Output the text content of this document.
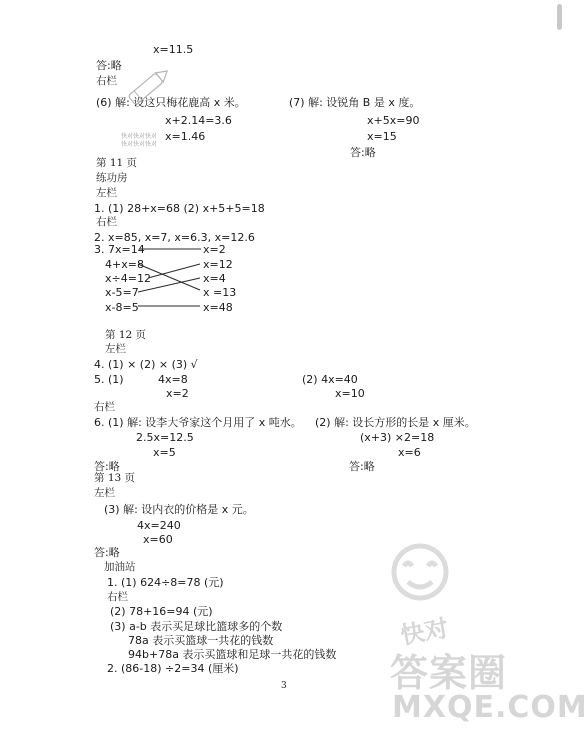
x=11.5
答:略
右栏
(6) 解: 设这只梅花鹿高 x 米。	(7) 解: 设锐角 B 是 x 度。
x+2.14=3.6	x+5x=90
x=1.46	x=15
答:略
快对快对快对 快对快对快对
第 11 页
练功房
左栏
1. (1) 28+x=68 (2) x+5+5=18
右栏
2. x=85, x=7, x=6.3, x=12.6
3. 7x=14	x=2
4+x=8	x=12
x÷4=12	x=4
x-5=7	x =13
x-8=5	x=48
第 12 页
左栏
4. (1) × (2) × (3) √
5. (1)	4x=8	(2) 4x=40
x=2	x=10
右栏
6. (1) 解: 设李大爷家这个月用了 x 吨水。 (2) 解: 设长方形的长是 x 厘米。
2.5x=12.5	(x+3) ×2=18
x=5	x=6
答:略	答:略
第 13 页
左栏
(3) 解: 设内衣的价格是 x 元。
4x=240
x=60
答:略
加油站
1. (1) 624÷8=78 (元)
右栏
(2) 78+16=94 (元)
(3) a-b 表示买足球比篮球多的个数
78a 表示买篮球一共花的钱数
94b+78a 表示买篮球和足球一共花的钱数
2. (86-18) ÷2=34 (厘米)
3
快对
答案圈
MXQE.COM
